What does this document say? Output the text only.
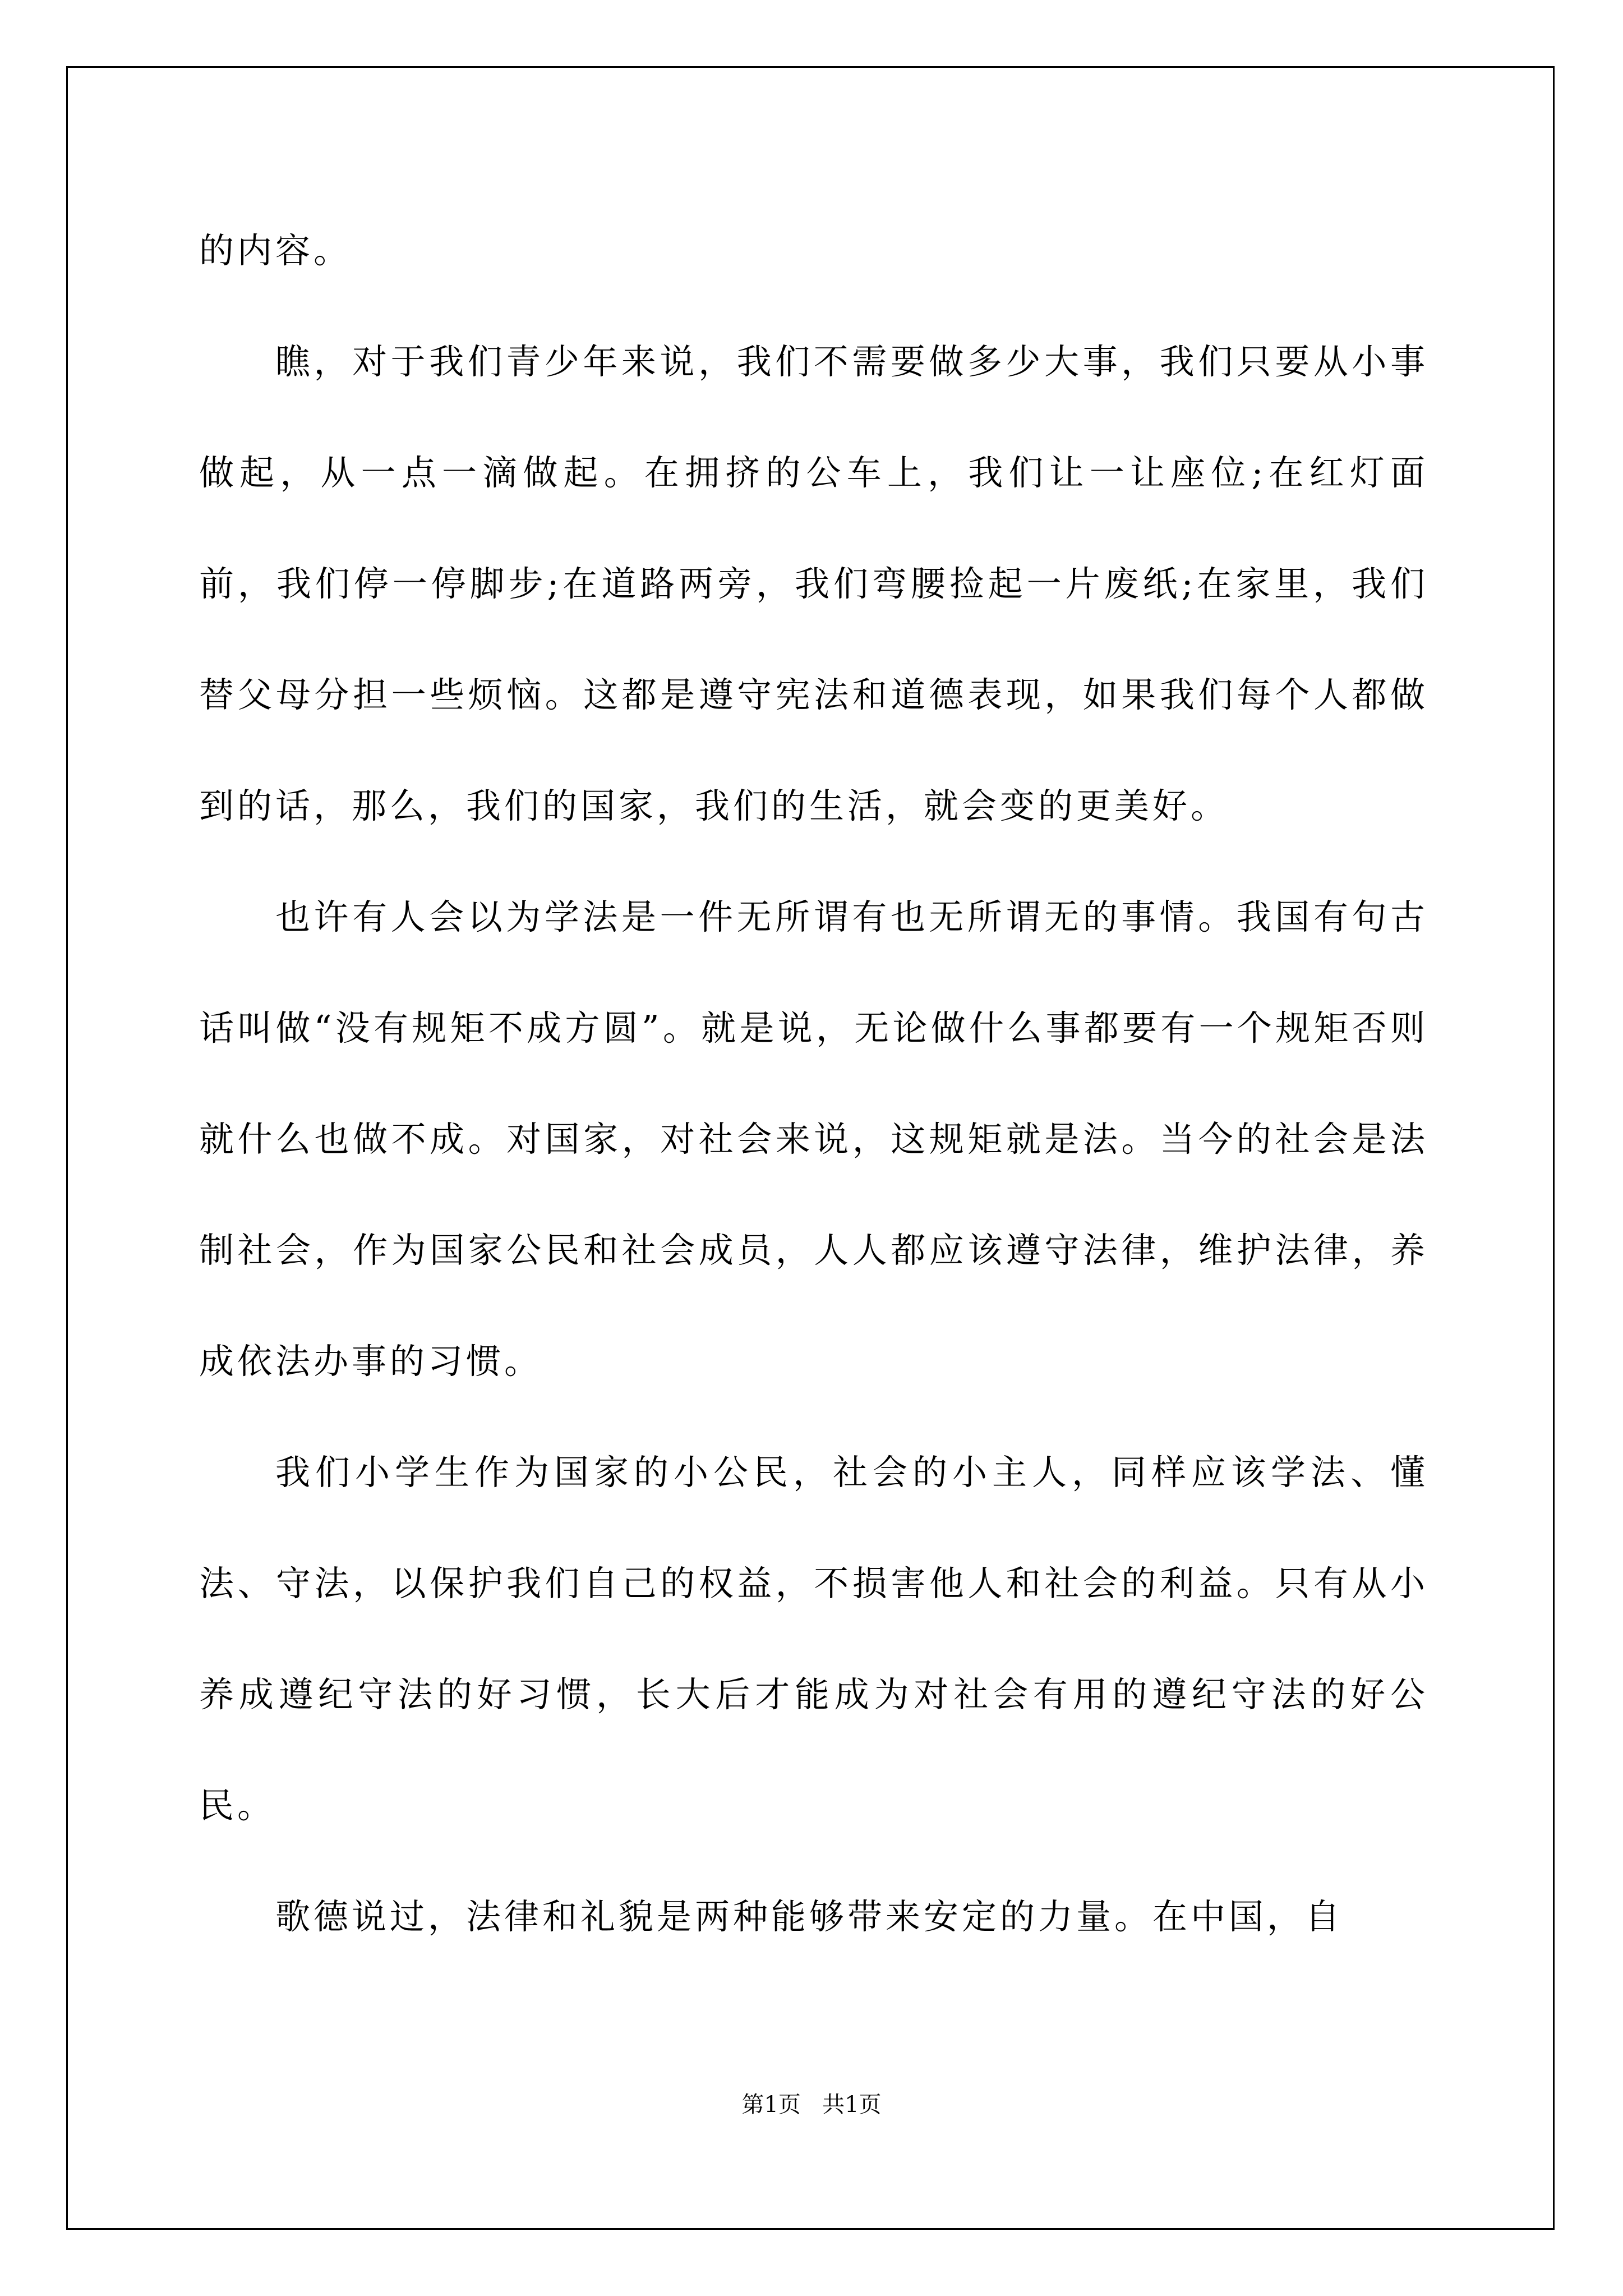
的内容。

瞧，对于我们青少年来说，我们不需要做多少大事，我们只要从小事做起，从一点一滴做起。在拥挤的公车上，我们让一让座位;在红灯面前，我们停一停脚步;在道路两旁，我们弯腰捡起一片废纸;在家里，我们替父母分担一些烦恼。这都是遵守宪法和道德表现，如果我们每个人都做到的话，那么，我们的国家，我们的生活，就会变的更美好。

也许有人会以为学法是一件无所谓有也无所谓无的事情。我国有句古话叫做“没有规矩不成方圆”。就是说，无论做什么事都要有一个规矩否则就什么也做不成。对国家，对社会来说，这规矩就是法。当今的社会是法制社会，作为国家公民和社会成员，人人都应该遵守法律，维护法律，养成依法办事的习惯。

我们小学生作为国家的小公民，社会的小主人，同样应该学法、懂法、守法，以保护我们自己的权益，不损害他人和社会的利益。只有从小养成遵纪守法的好习惯，长大后才能成为对社会有用的遵纪守法的好公民。

歌德说过，法律和礼貌是两种能够带来安定的力量。在中国，自

第1页 共1页
